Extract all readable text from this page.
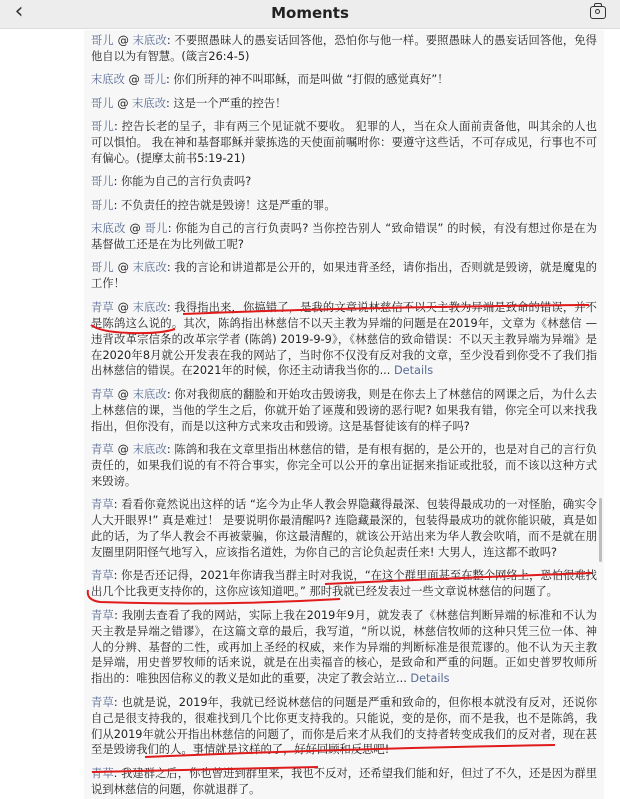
‹	Moments
哥儿 @ 末底改: 不要照愚昧人的愚妄话回答他，恐怕你与他一样。要照愚昧人的愚妄话回答他，免得他自以为有智慧。(箴言26:4-5)
末底改 @ 哥儿: 你们所拜的神不叫耶稣，而是叫做 “打假的感觉真好”！
哥儿 @ 末底改: 这是一个严重的控告！
哥儿: 控告长老的呈子，非有两三个见证就不要收。 犯罪的人，当在众人面前责备他，叫其余的人也可以惧怕。 我在神和基督耶稣并蒙拣选的天使面前嘱咐你：要遵守这些话，不可存成见，行事也不可有偏心。(提摩太前书5:19-21)
哥儿: 你能为自己的言行负责吗?
哥儿: 不负责任的控告就是毁谤！这是严重的罪。
末底改 @ 哥儿: 你能为自己的言行负责吗? 当你控告别人 “致命错误” 的时候，有没有想过你是在为基督做工还是在为比列做工呢?
哥儿 @ 末底改: 我的言论和讲道都是公开的，如果违背圣经，请你指出，否则就是毁谤，就是魔鬼的工作！
青草 @ 末底改: 我得指出来，你搞错了，是我的文章说林慈信不以天主教为异端是致命的错误，并不是陈鸽这么说的。其次，陈鸽指出林慈信不以天主教为异端的问题是在2019年，文章为《林慈信 — 违背改革宗信条的改革宗学者 (陈鸽) 2019-9-9》，《林慈信的致命错误：不以天主教异端为异端》是在2020年8月就公开发表在我的网站了，当时你不仅没有反对我的文章，至少没看到你受不了我们指出林慈信的错误。在2021年的时候，你还主动请我当你的... Details
青草 @ 末底改: 你对我彻底的翻脸和开始攻击毁谤我，则是在你去上了林慈信的网课之后，为什么去上林慈信的课，当他的学生之后，你就开始了诬蔑和毁谤的恶行呢? 如果我有错，你完全可以来找我指出，但你没有，而是以这种方式来攻击和毁谤。这是基督徒该有的样子吗?
青草 @ 末底改: 陈鸽和我在文章里指出林慈信的错，是有根有据的，是公开的，也是对自己的言行负责任的，如果我们说的有不符合事实，你完全可以公开的拿出证据来指证或批驳，而不该以这种方式来毁谤。
青草: 看看你竟然说出这样的话 “迄今为止华人教会界隐藏得最深、包装得最成功的一对怪胎，确实令人大开眼界!” 真是难过！ 是要说明你最清醒吗? 连隐藏最深的，包装得最成功的就你能识破，真是如此的话，为了华人教会不再被蒙骗，你这最清醒的，就该公开站出来为华人教会吹哨，而不是就在朋友圈里阴阳怪气地写入，应该指名道姓，为你自己的言论负起责任来! 大男人，连这都不敢吗?
青草: 你是否还记得，2021年你请我当群主时对我说，“在这个群里面甚至在整个网络上，恐怕很难找出几个比我更支持你的，这你应该知道吧。” 那时我就已经发表过一些文章说林慈信的问题了。
青草: 我刚去查看了我的网站，实际上我在2019年9月，就发表了《林慈信判断异端的标准和不认为天主教是异端之错谬》，在这篇文章的最后，我写道，“所以说，林慈信牧师的这种只凭三位一体、神人的分辨、基督的二性，或再加上圣经的权威，来作为异端的判断标准是很荒谬的。他不认为天主教是异端，用史普罗牧师的话来说，就是在出卖福音的核心，是致命和严重的问题。正如史普罗牧师所指出的：唯独因信称义的教义是如此的重要，决定了教会站立... Details
青草: 也就是说，2019年，我就已经说林慈信的问题是严重和致命的，但你根本就没有反对，还说你自己是很支持我的，很难找到几个比你更支持我的。只能说，变的是你，而不是我，也不是陈鸽，我们从2019年就公开指出林慈信的问题了，而你是后来才从我们的支持者转变成我们的反对者，现在甚至是毁谤我们的人。事情就是这样的了，好好回顾和反思吧!
青草: 我建群之后，你也曾进到群里来，我也不反对，还希望我们能和好，但过了不久，还是因为群里说到林慈信的问题，你就退群了。
